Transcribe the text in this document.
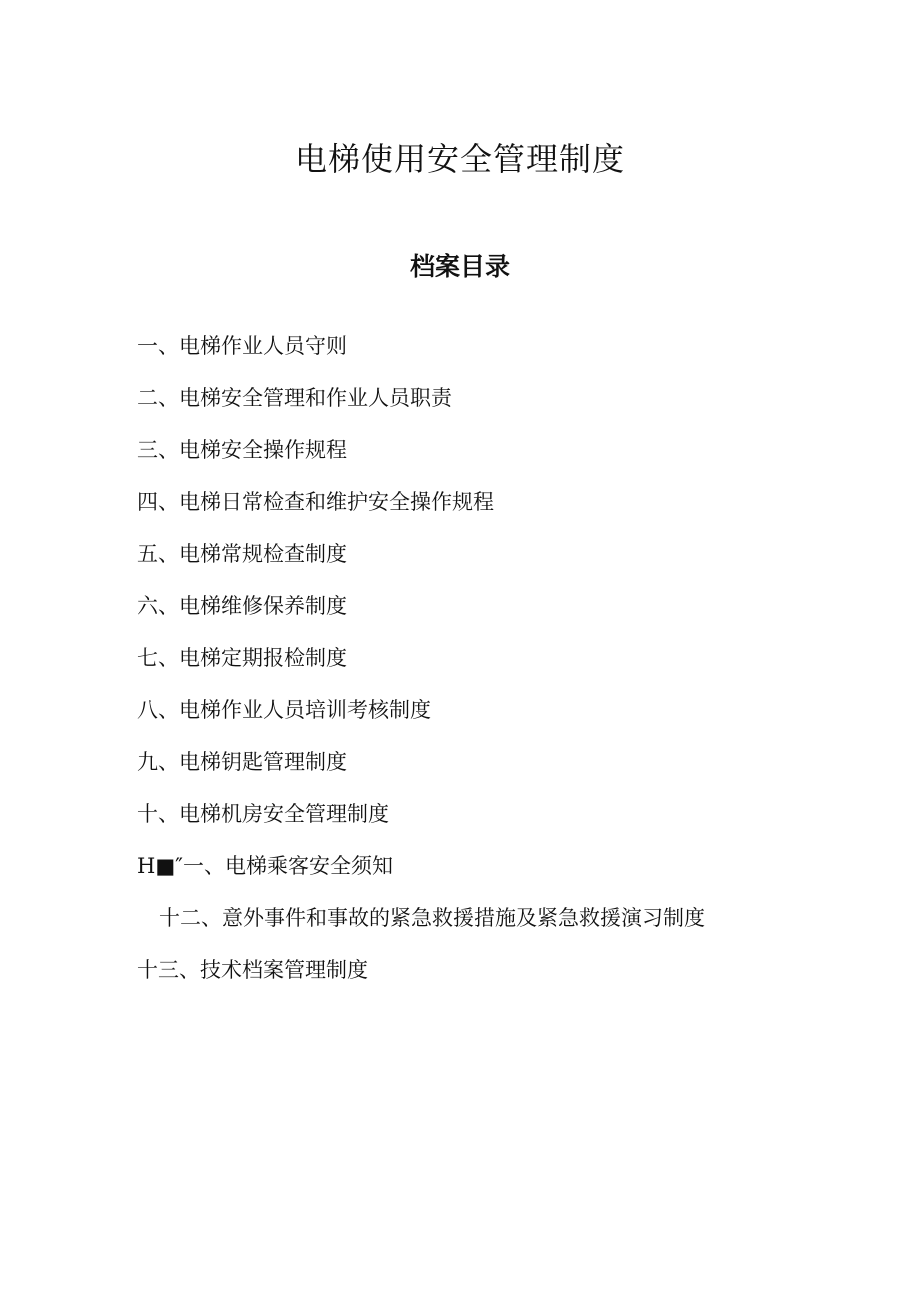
电梯使用安全管理制度
档案目录
一、电梯作业人员守则
二、电梯安全管理和作业人员职责
三、电梯安全操作规程
四、电梯日常检查和维护安全操作规程
五、电梯常规检查制度
六、电梯维修保养制度
七、电梯定期报检制度
八、电梯作业人员培训考核制度
九、电梯钥匙管理制度
十、电梯机房安全管理制度
H■″一、电梯乘客安全须知
十二、意外事件和事故的紧急救援措施及紧急救援演习制度
十三、技术档案管理制度
